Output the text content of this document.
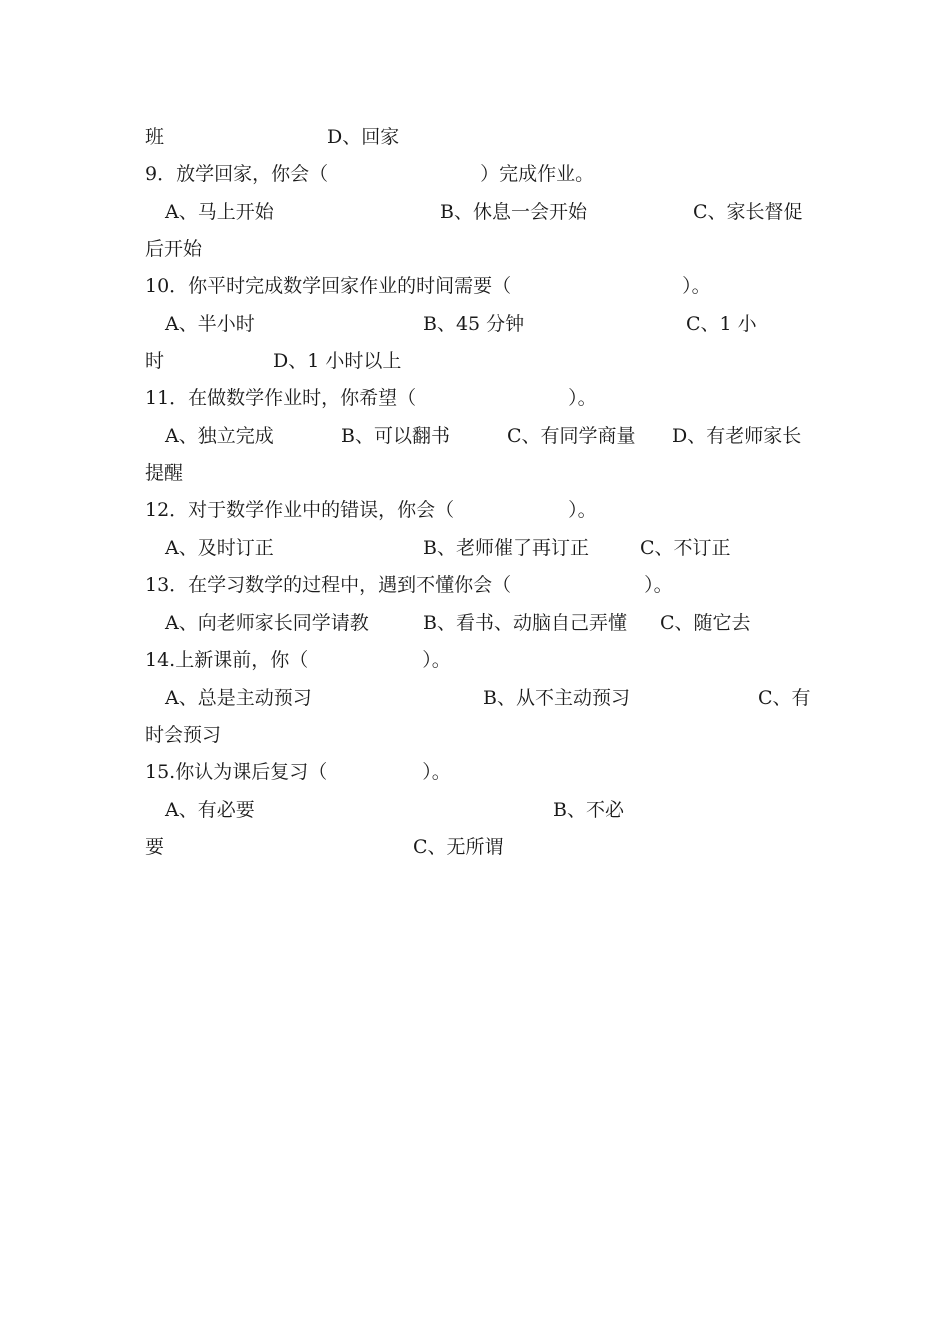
班	D、回家
9．放学回家，你会（　　　　　　　　）完成作业。
A、马上开始	B、休息一会开始	C、家长督促
后开始
10．你平时完成数学回家作业的时间需要（　　　　　　　　　）。
A、半小时	B、45 分钟	C、1 小
时	D、1 小时以上
11．在做数学作业时，你希望（　　　　　　　　）。
A、独立完成	B、可以翻书	C、有同学商量 D、有老师家长
提醒
12．对于数学作业中的错误，你会（　　　　　　）。
A、及时订正	B、老师催了再订正	C、不订正
13．在学习数学的过程中，遇到不懂你会（　　　　　　　）。
A、向老师家长同学请教	B、看书、动脑自己弄懂 C、随它去
14.上新课前，你（　　　　　　）。
A、总是主动预习	B、从不主动预习	C、有
时会预习
15.你认为课后复习（　　　　　）。
A、有必要	B、不必
要	C、无所谓
